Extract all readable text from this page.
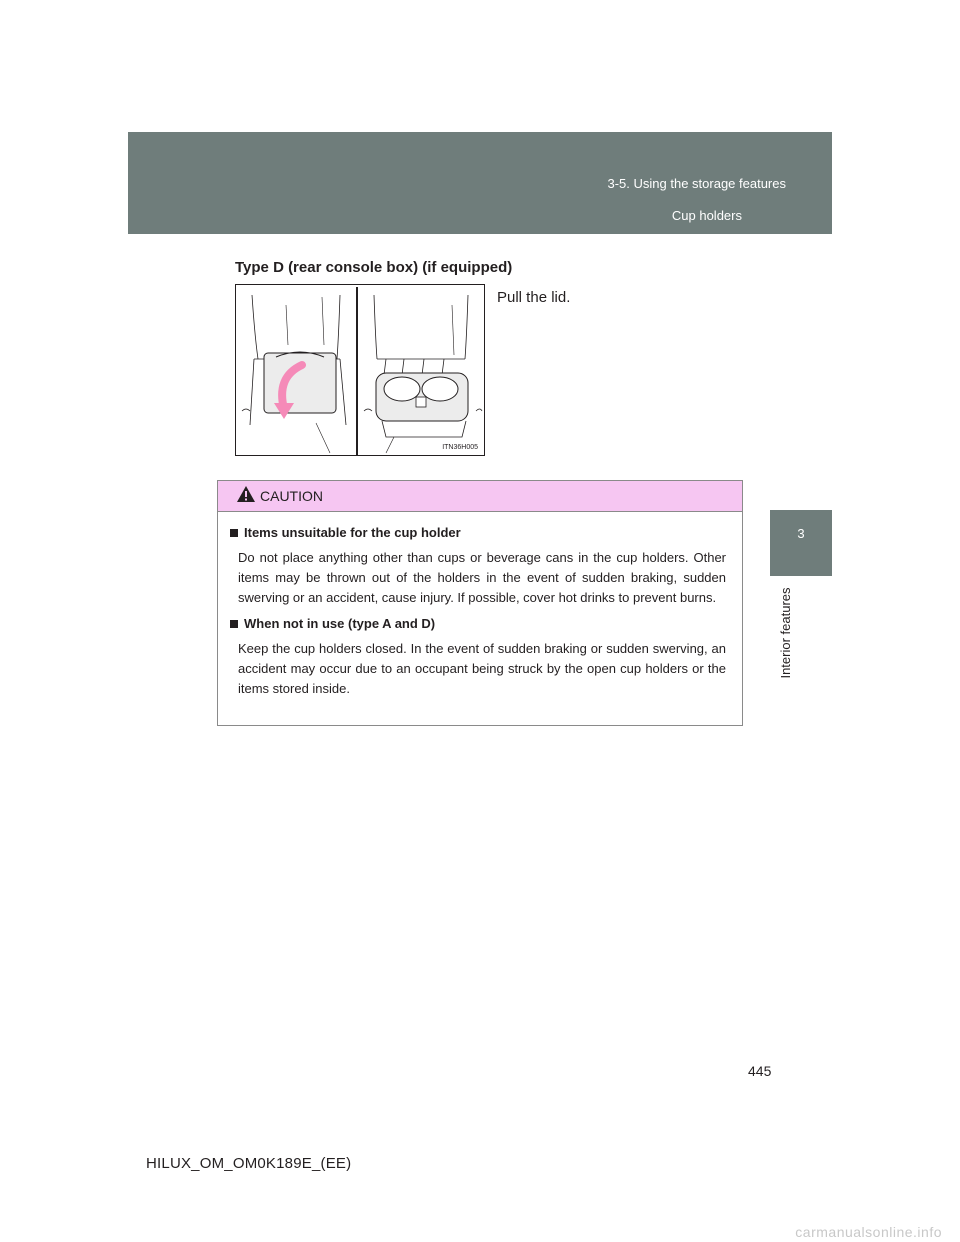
3-5. Using the storage features
Cup holders
3
Interior features
Type D (rear console box) (if equipped)
ITN36H005
Pull the lid.
CAUTION
Items unsuitable for the cup holder
Do not place anything other than cups or beverage cans in the cup holders. Other items may be thrown out of the holders in the event of sudden braking, sudden swerving or an accident, cause injury. If possible, cover hot drinks to prevent burns.
When not in use (type A and D)
Keep the cup holders closed. In the event of sudden braking or sudden swerving, an accident may occur due to an occupant being struck by the open cup holders or the items stored inside.
445
HILUX_OM_OM0K189E_(EE)
carmanualsonline.info
